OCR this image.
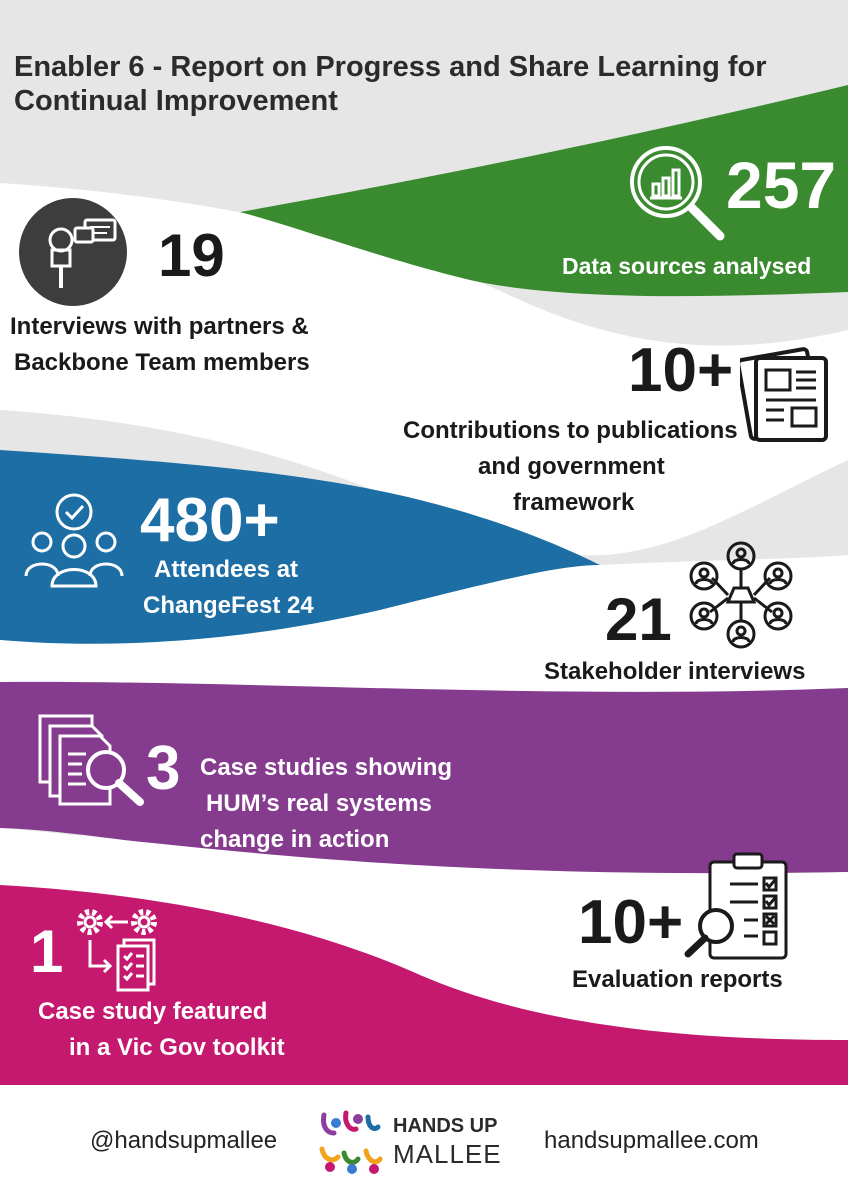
Enabler 6 - Report on Progress and Share Learning for Continual Improvement
257
Data sources analysed
19
Interviews with partners &
Backbone Team members	10+
Contributions to publications
and government
framework
480+
Attendees at
ChangeFest 24	21
Stakeholder interviews
3 Case studies showing
HUM’s real systems
change in action
10+
Evaluation reports
1
Case study featured
in a Vic Gov toolkit
@handsupmallee
HANDS UP
MALLEE handsupmallee.com
